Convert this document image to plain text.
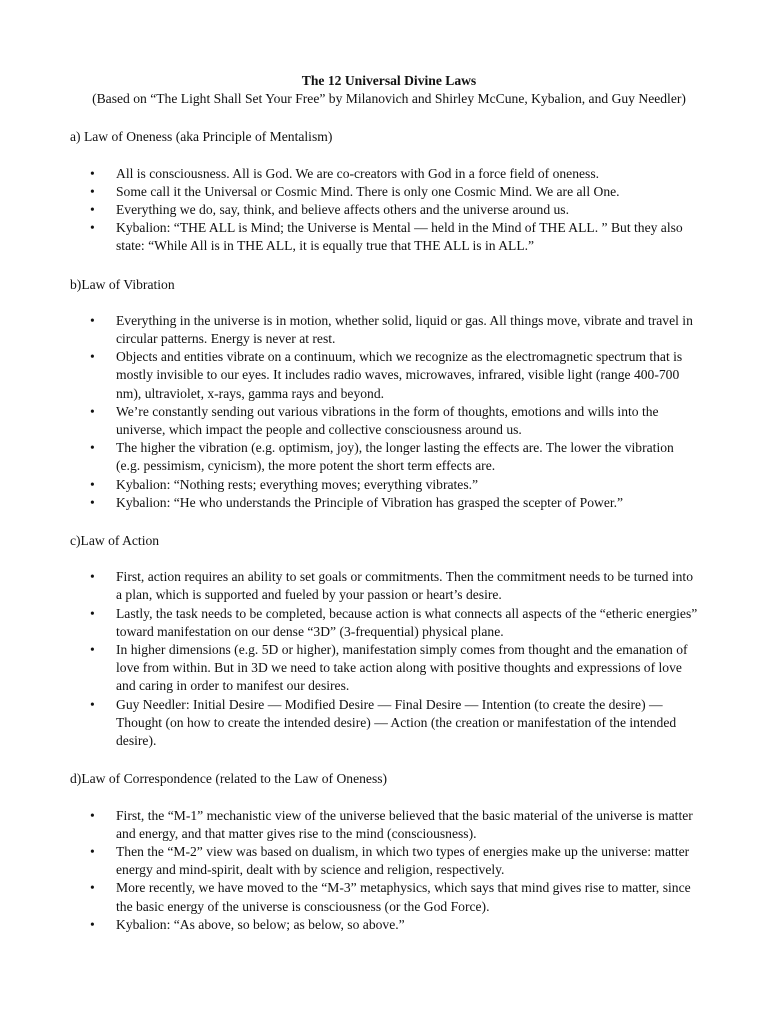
The 12 Universal Divine Laws

(Based on “The Light Shall Set Your Free” by Milanovich and Shirley McCune, Kybalion, and Guy Needler)

a) Law of Oneness (aka Principle of Mentalism)

• All is consciousness. All is God. We are co-creators with God in a force field of oneness.
• Some call it the Universal or Cosmic Mind. There is only one Cosmic Mind. We are all One.
• Everything we do, say, think, and believe affects others and the universe around us.
• Kybalion: “THE ALL is Mind; the Universe is Mental — held in the Mind of THE ALL. ” But they also state: “While All is in THE ALL, it is equally true that THE ALL is in ALL.”

b)Law of Vibration

• Everything in the universe is in motion, whether solid, liquid or gas. All things move, vibrate and travel in circular patterns. Energy is never at rest.
• Objects and entities vibrate on a continuum, which we recognize as the electromagnetic spectrum that is mostly invisible to our eyes. It includes radio waves, microwaves, infrared, visible light (range 400-700 nm), ultraviolet, x-rays, gamma rays and beyond.
• We’re constantly sending out various vibrations in the form of thoughts, emotions and wills into the universe, which impact the people and collective consciousness around us.
• The higher the vibration (e.g. optimism, joy), the longer lasting the effects are. The lower the vibration (e.g. pessimism, cynicism), the more potent the short term effects are.
• Kybalion: “Nothing rests; everything moves; everything vibrates.”
• Kybalion: “He who understands the Principle of Vibration has grasped the scepter of Power.”

c)Law of Action

• First, action requires an ability to set goals or commitments. Then the commitment needs to be turned into a plan, which is supported and fueled by your passion or heart’s desire.
• Lastly, the task needs to be completed, because action is what connects all aspects of the “etheric energies” toward manifestation on our dense “3D” (3-frequential) physical plane.
• In higher dimensions (e.g. 5D or higher), manifestation simply comes from thought and the emanation of love from within. But in 3D we need to take action along with positive thoughts and expressions of love and caring in order to manifest our desires.
• Guy Needler: Initial Desire — Modified Desire — Final Desire — Intention (to create the desire) — Thought (on how to create the intended desire) — Action (the creation or manifestation of the intended desire).

d)Law of Correspondence (related to the Law of Oneness)

• First, the “M-1” mechanistic view of the universe believed that the basic material of the universe is matter and energy, and that matter gives rise to the mind (consciousness).
• Then the “M-2” view was based on dualism, in which two types of energies make up the universe: matter energy and mind-spirit, dealt with by science and religion, respectively.
• More recently, we have moved to the “M-3” metaphysics, which says that mind gives rise to matter, since the basic energy of the universe is consciousness (or the God Force).
• Kybalion: “As above, so below; as below, so above.”
